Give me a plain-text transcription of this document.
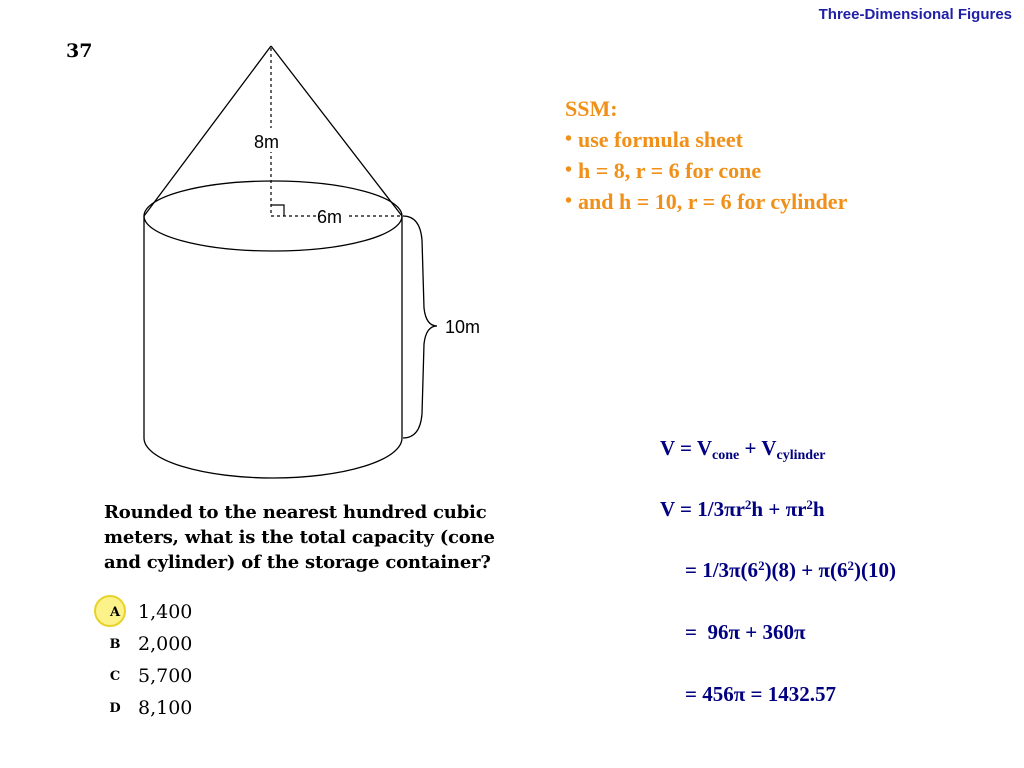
Three-Dimensional Figures
37
8m
6m
10m
Rounded to the nearest hundred cubic
meters, what is the total capacity (cone
and cylinder) of the storage container?
A 1,400
B 2,000
C 5,700
D 8,100
SSM:
• use formula sheet
• h = 8, r = 6 for cone
• and h = 10, r = 6 for cylinder
$V = V_{cone} + V_{cylinder}$
$V = 1/3\pi r^2h + \pi r^2h$
= $1/3\pi(6^2)(8) + \pi(6^2)(10)$
=  96π + 360π
= 456π = 1432.57
